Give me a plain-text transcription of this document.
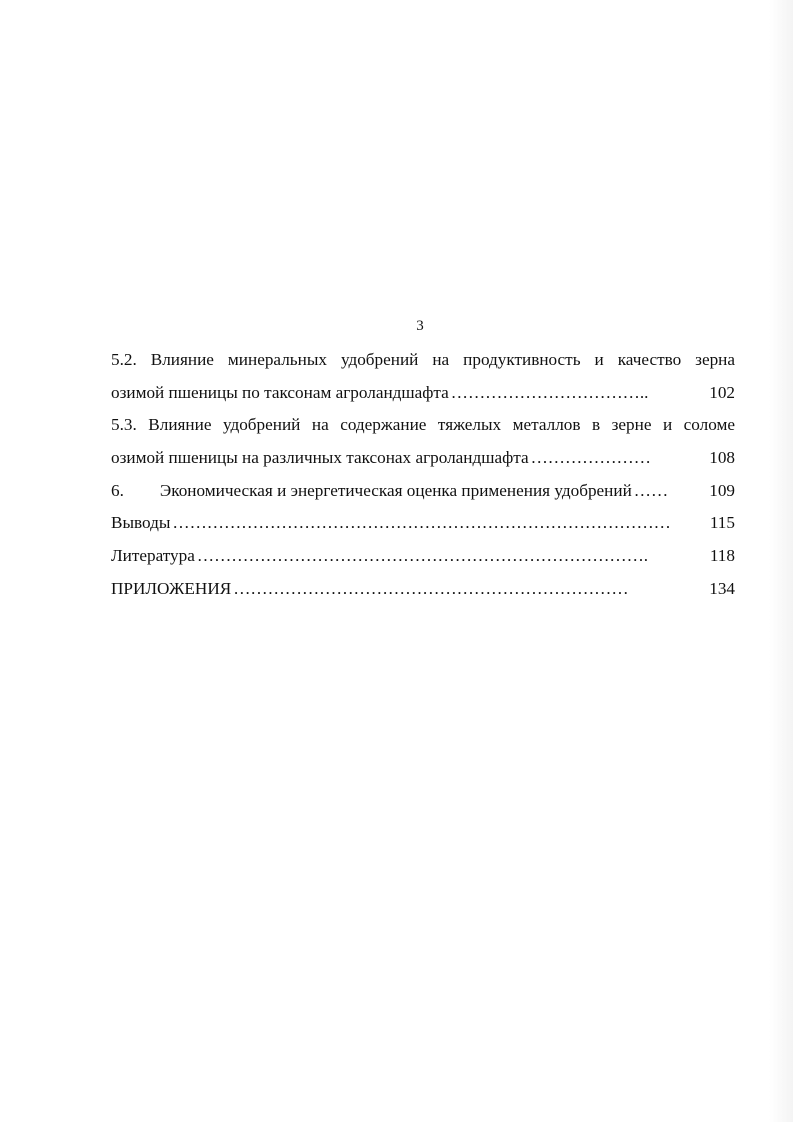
3
5.2. Влияние минеральных удобрений на продуктивность и качество зерна
озимой пшеницы по таксонам агроландшафта ……………………………..	102
5.3. Влияние удобрений на содержание тяжелых металлов в зерне и соломе
озимой пшеницы на различных таксонах агроландшафта …………………	108
6. Экономическая и энергетическая оценка применения удобрений ……	109
Выводы ……………………………………………………………………………	115
Литература …………………………………………………………………….	118
ПРИЛОЖЕНИЯ ……………………………………………………………	134
